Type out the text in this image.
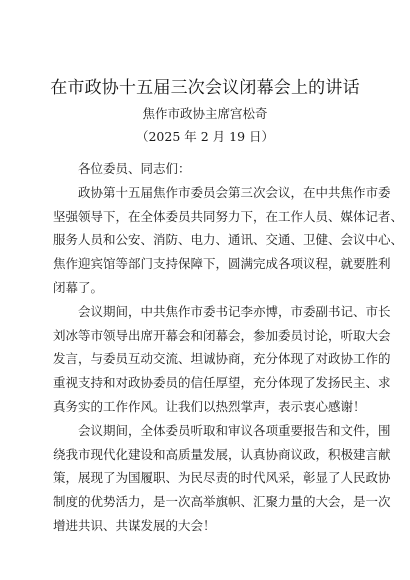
在市政协十五届三次会议闭幕会上的讲话
焦作市政协主席宫松奇
（2025 年 2 月 19 日）

各位委员、同志们：

政协第十五届焦作市委员会第三次会议，在中共焦作市委
坚强领导下，在全体委员共同努力下，在工作人员、媒体记者、
服务人员和公安、消防、电力、通讯、交通、卫健、会议中心、
焦作迎宾馆等部门支持保障下，圆满完成各项议程，就要胜利
闭幕了。

会议期间，中共焦作市委书记李亦博，市委副书记、市长
刘冰等市领导出席开幕会和闭幕会，参加委员讨论，听取大会
发言，与委员互动交流、坦诚协商，充分体现了对政协工作的
重视支持和对政协委员的信任厚望，充分体现了发扬民主、求
真务实的工作作风。让我们以热烈掌声，表示衷心感谢！

会议期间，全体委员听取和审议各项重要报告和文件，围
绕我市现代化建设和高质量发展，认真协商议政，积极建言献
策，展现了为国履职、为民尽责的时代风采，彰显了人民政协
制度的优势活力，是一次高举旗帜、汇聚力量的大会，是一次
增进共识、共谋发展的大会！
